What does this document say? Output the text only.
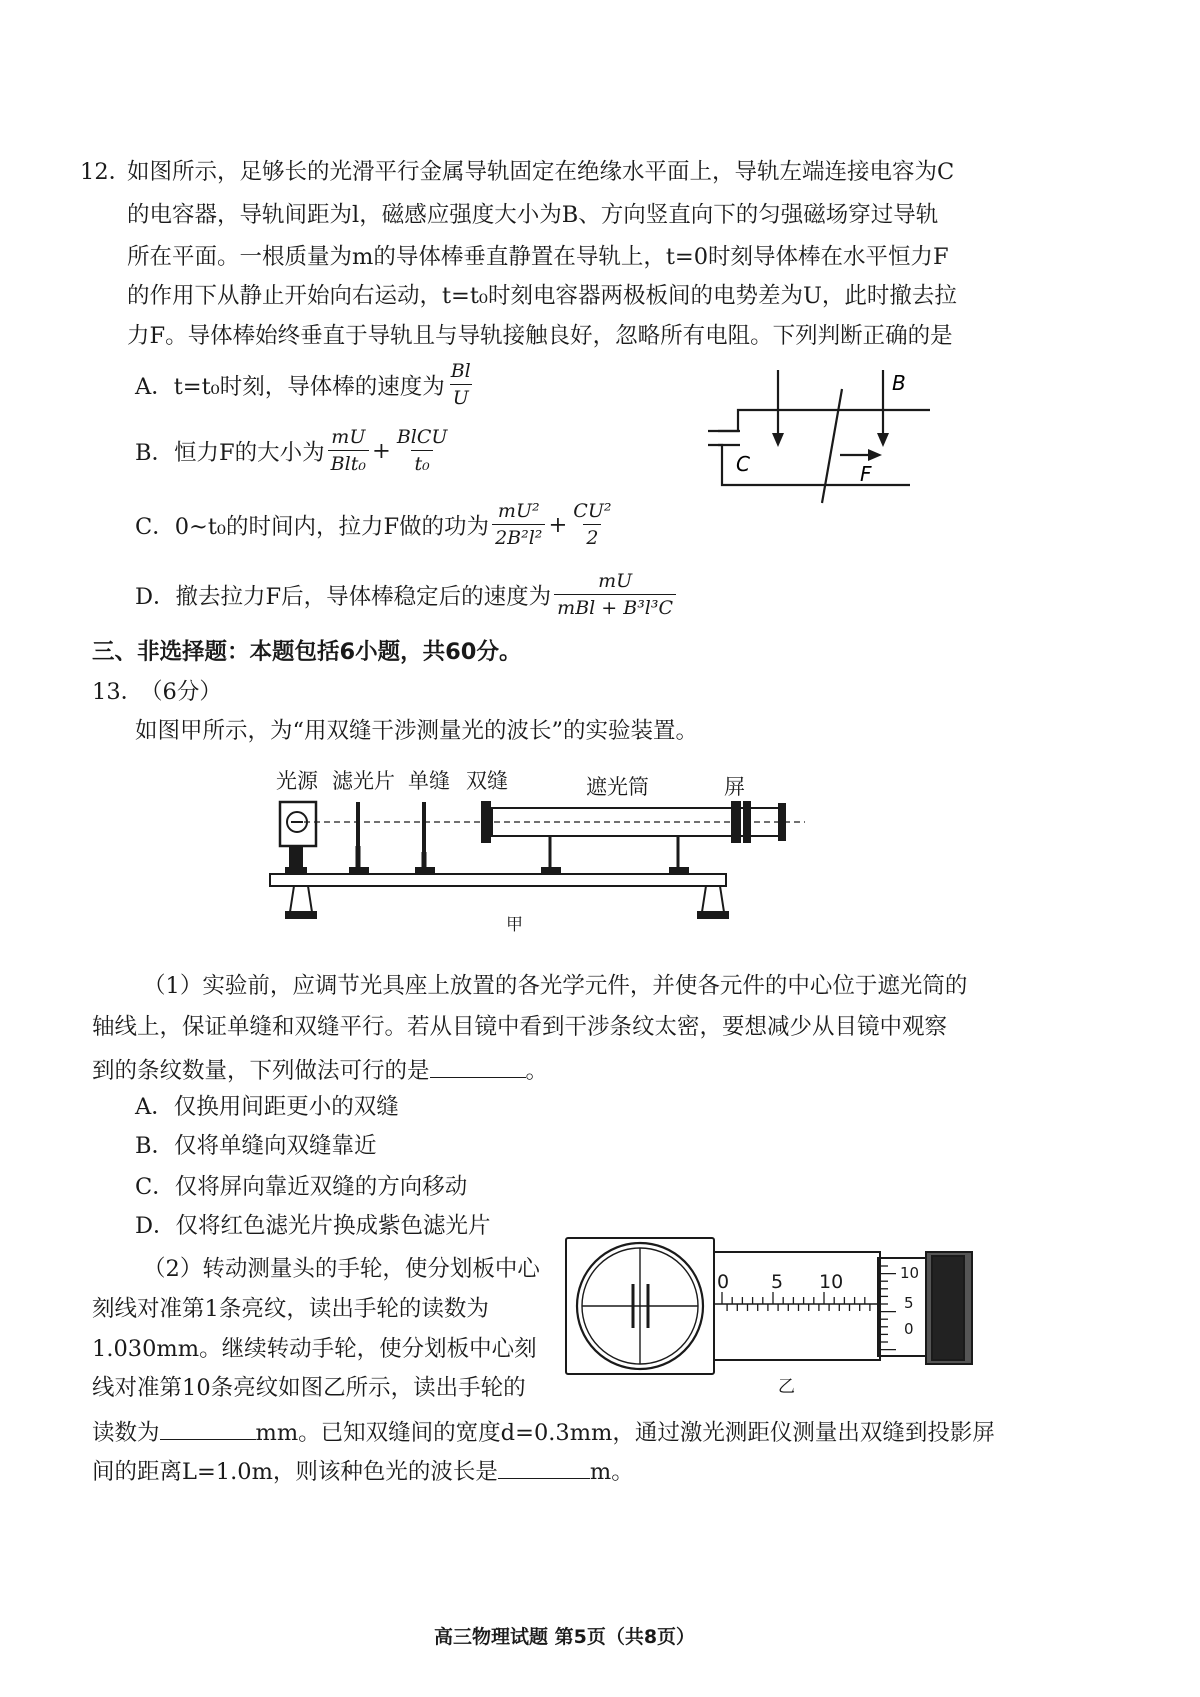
12．
如图所示，足够长的光滑平行金属导轨固定在绝缘水平面上，导轨左端连接电容为C
的电容器，导轨间距为l，磁感应强度大小为B、方向竖直向下的匀强磁场穿过导轨
所在平面。一根质量为m的导体棒垂直静置在导轨上，t=0时刻导体棒在水平恒力F
的作用下从静止开始向右运动，t=t₀时刻电容器两极板间的电势差为U，此时撤去拉
力F。导体棒始终垂直于导轨且与导轨接触良好，忽略所有电阻。下列判断正确的是
A． t=t₀时刻，导体棒的速度为 $\frac{Bl}{U}$
B． 恒力F的大小为 $\frac{mU}{\text{Blt₀}} + \frac{\text{BlCU}}{\text{t₀}}$
C． 0~t₀的时间内，拉力F做的功为 $\frac{\text{mU²}}{\text{2B²l²}} + \frac{\text{CU²}}{2}$
D． 撤去拉力F后，导体棒稳定后的速度为 $\frac{mU}{\text{mBl + B³l³C}}$
B
C	F
三、非选择题：本题包括6小题，共60分。
13．
（6分）
如图甲所示，为“用双缝干涉测量光的波长”的实验装置。
光源 滤光片 单缝 双缝	遮光筒	屏
甲
（1）实验前，应调节光具座上放置的各光学元件，并使各元件的中心位于遮光筒的
轴线上，保证单缝和双缝平行。若从目镜中看到干涉条纹太密，要想减少从目镜中观察
到的条纹数量，下列做法可行的是	。
A．仅换用间距更小的双缝
B．仅将单缝向双缝靠近
C．仅将屏向靠近双缝的方向移动
D．仅将红色滤光片换成紫色滤光片
（2）转动测量头的手轮，使分划板中心
刻线对准第1条亮纹，读出手轮的读数为
1.030mm。继续转动手轮，使分划板中心刻
线对准第10条亮纹如图乙所示，读出手轮的
读数为	mm。已知双缝间的宽度d=0.3mm，通过激光测距仪测量出双缝到投影屏
间的距离L=1.0m，则该种色光的波长是	m。
0 5 10	10
5
0
乙
高三物理试题 第5页（共8页）
